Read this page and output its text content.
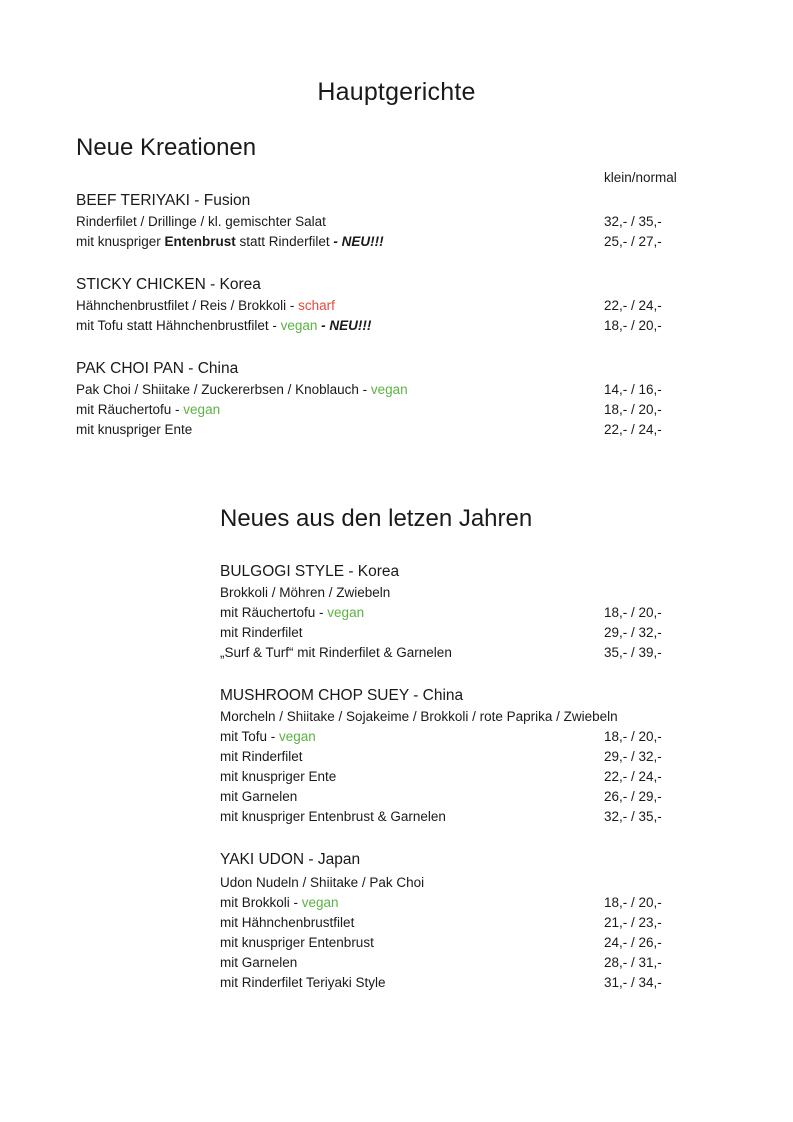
Hauptgerichte
Neue Kreationen
klein/normal
BEEF TERIYAKI - Fusion
Rinderfilet / Drillinge / kl. gemischter Salat	32,- / 35,-
mit knuspriger Entenbrust statt Rinderfilet - NEU!!!	25,- / 27,-
STICKY CHICKEN - Korea
Hähnchenbrustfilet / Reis / Brokkoli - scharf	22,- / 24,-
mit Tofu statt Hähnchenbrustfilet - vegan - NEU!!!	18,- / 20,-
PAK CHOI PAN - China
Pak Choi / Shiitake / Zuckererbsen / Knoblauch - vegan	14,- / 16,-
mit Räuchertofu - vegan	18,- / 20,-
mit knuspriger Ente	22,- / 24,-
Neues aus den letzen Jahren
BULGOGI STYLE - Korea
Brokkoli / Möhren / Zwiebeln
mit Räuchertofu - vegan	18,- / 20,-
mit Rinderfilet	29,- / 32,-
„Surf & Turf“ mit Rinderfilet & Garnelen	35,- / 39,-
MUSHROOM CHOP SUEY - China
Morcheln / Shiitake / Sojakeime / Brokkoli / rote Paprika / Zwiebeln
mit Tofu - vegan	18,- / 20,-
mit Rinderfilet	29,- / 32,-
mit knuspriger Ente	22,- / 24,-
mit Garnelen	26,- / 29,-
mit knuspriger Entenbrust & Garnelen	32,- / 35,-
YAKI UDON - Japan
Udon Nudeln / Shiitake / Pak Choi
mit Brokkoli - vegan	18,- / 20,-
mit Hähnchenbrustfilet	21,- / 23,-
mit knuspriger Entenbrust	24,- / 26,-
mit Garnelen	28,- / 31,-
mit Rinderfilet Teriyaki Style	31,- / 34,-
